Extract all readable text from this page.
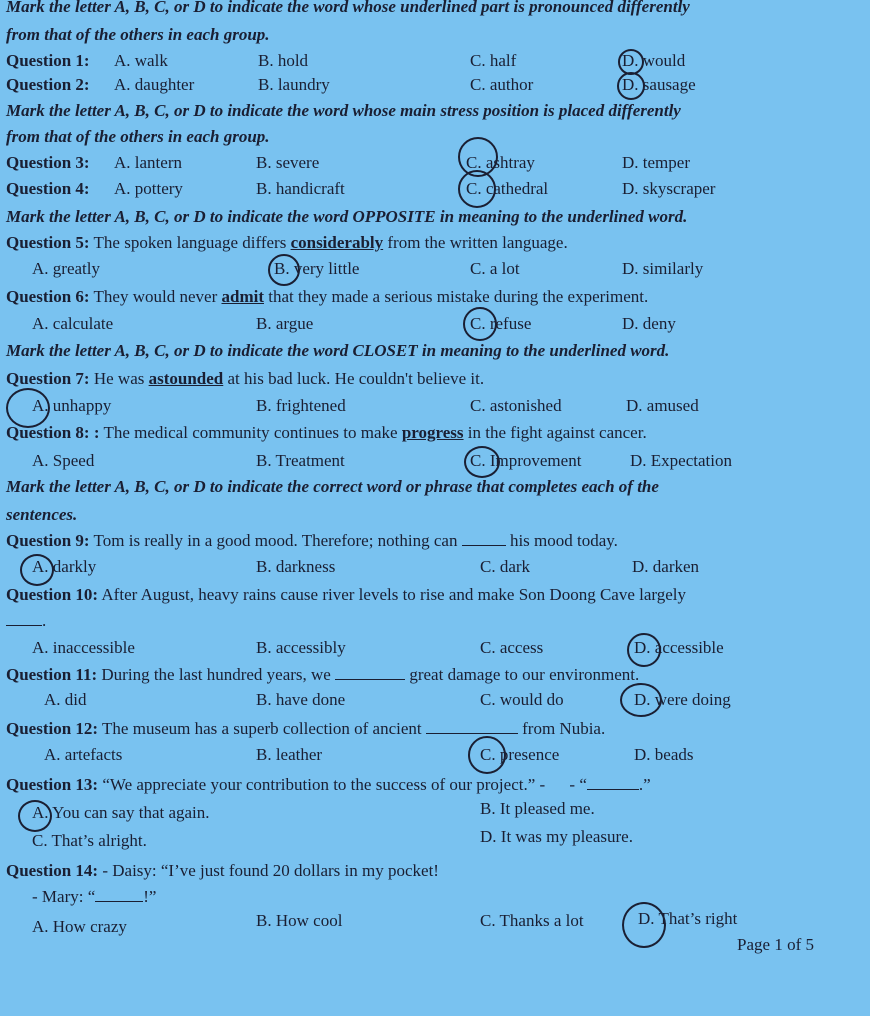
Mark the letter A, B, C, or D to indicate the word whose underlined part is pronounced differently
from that of the others in each group.
Question 1:	A. walk	B. hold	C. half	D. would
Question 2:	A. daughter	B. laundry	C. author	D. sausage
Mark the letter A, B, C, or D to indicate the word whose main stress position is placed differently
from that of the others in each group.
Question 3:	A. lantern	B. severe	C. ashtray	D. temper
Question 4:	A. pottery	B. handicraft	C. cathedral	D. skyscraper
Mark the letter A, B, C, or D to indicate the word OPPOSITE in meaning to the underlined word.
Question 5: The spoken language differs considerably from the written language.
A. greatly	B. very little	C. a lot	D. similarly
Question 6: They would never admit that they made a serious mistake during the experiment.
A. calculate	B. argue	C. refuse	D. deny
Mark the letter A, B, C, or D to indicate the word CLOSET in meaning to the underlined word.
Question 7: He was astounded at his bad luck. He couldn't believe it.
A. unhappy	B. frightened	C. astonished	D. amused
Question 8: : The medical community continues to make progress in the fight against cancer.
A. Speed	B. Treatment	C. Improvement	D. Expectation
Mark the letter A, B, C, or D to indicate the correct word or phrase that completes each of the
sentences.
Question 9: Tom is really in a good mood. Therefore; nothing can	his mood today.
A. darkly	B. darkness	C. dark	D. darken
Question 10: After August, heavy rains cause river levels to rise and make Son Doong Cave largely
.
A. inaccessible	B. accessibly	C. access	D. accessible
Question 11: During the last hundred years, we	great damage to our environment.
A. did	B. have done	C. would do	D. were doing
Question 12: The museum has a superb collection of ancient	from Nubia.
A. artefacts	B. leather	C. presence	D. beads
Question 13: “We appreciate your contribution to the success of our project.” - - “	.”
A. You can say that again.	B. It pleased me.
C. That’s alright.	D. It was my pleasure.
Question 14: - Daisy: “I’ve just found 20 dollars in my pocket!
- Mary: “	!”
A. How crazy	B. How cool	C. Thanks a lot	D. That’s right
Page 1 of 5
